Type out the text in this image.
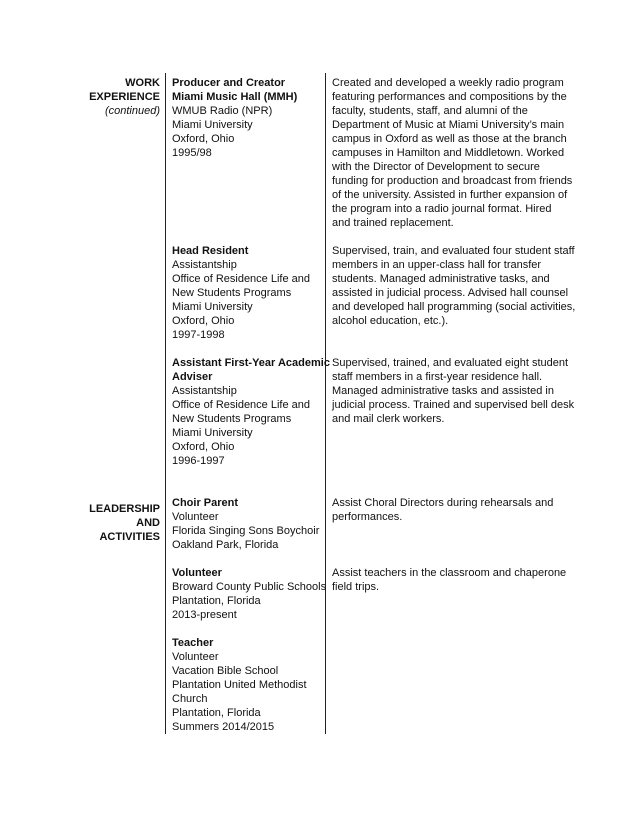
WORK
EXPERIENCE
(continued)
LEADERSHIP
AND
ACTIVITIES
Producer and Creator
Miami Music Hall (MMH)
WMUB Radio (NPR)
Miami University
Oxford, Ohio
1995/98
Created and developed a weekly radio program
featuring performances and compositions by the
faculty, students, staff, and alumni of the
Department of Music at Miami University’s main
campus in Oxford as well as those at the branch
campuses in Hamilton and Middletown. Worked
with the Director of Development to secure
funding for production and broadcast from friends
of the university. Assisted in further expansion of
the program into a radio journal format. Hired
and trained replacement.
Head Resident
Assistantship
Office of Residence Life and
New Students Programs
Miami University
Oxford, Ohio
1997-1998
Supervised, train, and evaluated four student staff
members in an upper-class hall for transfer
students. Managed administrative tasks, and
assisted in judicial process. Advised hall counsel
and developed hall programming (social activities,
alcohol education, etc.).
Assistant First-Year Academic
Adviser
Assistantship
Office of Residence Life and
New Students Programs
Miami University
Oxford, Ohio
1996-1997
Supervised, trained, and evaluated eight student
staff members in a first-year residence hall.
Managed administrative tasks and assisted in
judicial process. Trained and supervised bell desk
and mail clerk workers.
Choir Parent
Volunteer
Florida Singing Sons Boychoir
Oakland Park, Florida
Assist Choral Directors during rehearsals and
performances.
Volunteer
Broward County Public Schools
Plantation, Florida
2013-present
Assist teachers in the classroom and chaperone
field trips.
Teacher
Volunteer
Vacation Bible School
Plantation United Methodist
Church
Plantation, Florida
Summers 2014/2015
